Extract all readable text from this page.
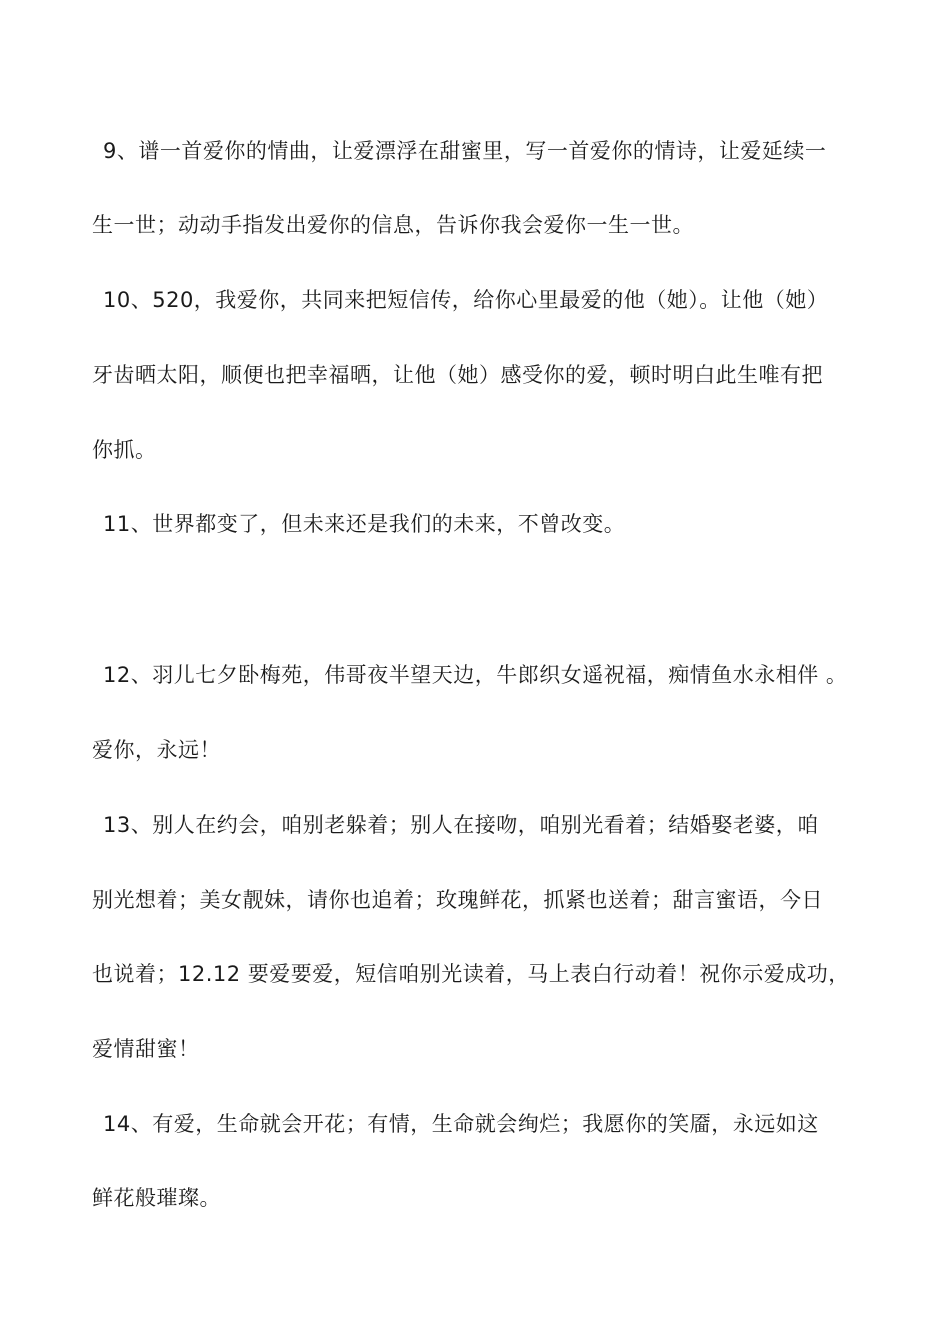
9、谱一首爱你的情曲，让爱漂浮在甜蜜里，写一首爱你的情诗，让爱延续一
生一世；动动手指发出爱你的信息，告诉你我会爱你一生一世。
10、520，我爱你，共同来把短信传，给你心里最爱的他（她）。让他（她）
牙齿晒太阳，顺便也把幸福晒，让他（她）感受你的爱，顿时明白此生唯有把
你抓。
11、世界都变了，但未来还是我们的未来，不曾改变。
12、羽儿七夕卧梅苑，伟哥夜半望天边，牛郎织女遥祝福，痴情鱼水永相伴 。
爱你，永远！
13、别人在约会，咱别老躲着；别人在接吻，咱别光看着；结婚娶老婆，咱
别光想着；美女靓妹，请你也追着；玫瑰鲜花，抓紧也送着；甜言蜜语，今日
也说着；12.12 要爱要爱，短信咱别光读着，马上表白行动着！祝你示爱成功，
爱情甜蜜！
14、有爱，生命就会开花；有情，生命就会绚烂；我愿你的笑靥，永远如这
鲜花般璀璨。
